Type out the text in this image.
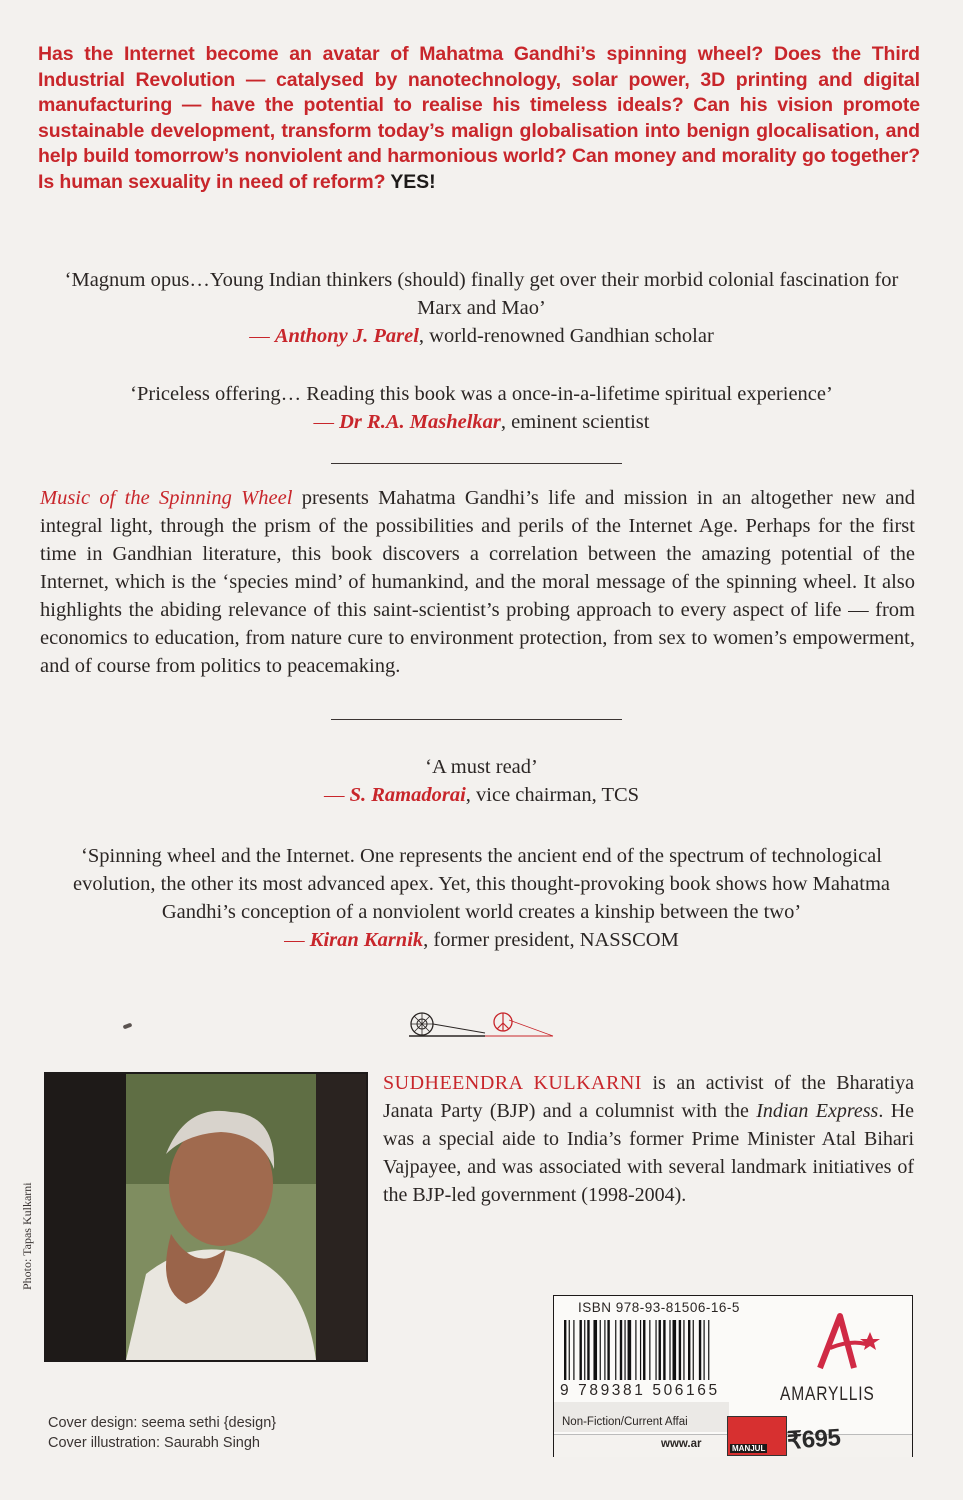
Has the Internet become an avatar of Mahatma Gandhi’s spinning wheel? Does the Third Industrial Revolution — catalysed by nanotechnology, solar power, 3D printing and digital manufacturing — have the potential to realise his timeless ideals? Can his vision promote sustainable development, transform today’s malign globalisation into benign glocalisation, and help build tomorrow’s nonviolent and harmonious world? Can money and morality go together? Is human sexuality in need of reform? YES!
‘Magnum opus…Young Indian thinkers (should) finally get over their morbid colonial fascination for Marx and Mao’
— Anthony J. Parel, world-renowned Gandhian scholar
‘Priceless offering… Reading this book was a once-in-a-lifetime spiritual experience’
— Dr R.A. Mashelkar, eminent scientist
Music of the Spinning Wheel presents Mahatma Gandhi’s life and mission in an altogether new and integral light, through the prism of the possibilities and perils of the Internet Age. Perhaps for the first time in Gandhian literature, this book discovers a correlation between the amazing potential of the Internet, which is the ‘species mind’ of humankind, and the moral message of the spinning wheel. It also highlights the abiding relevance of this saint-scientist’s probing approach to every aspect of life — from economics to education, from nature cure to environment protection, from sex to women’s empowerment, and of course from politics to peacemaking.
‘A must read’
— S. Ramadorai, vice chairman, TCS
‘Spinning wheel and the Internet. One represents the ancient end of the spectrum of technological evolution, the other its most advanced apex. Yet, this thought-provoking book shows how Mahatma Gandhi’s conception of a nonviolent world creates a kinship between the two’
— Kiran Karnik, former president, NASSCOM
Photo: Tapas Kulkarni
SUDHEENDRA KULKARNI is an activist of the Bharatiya Janata Party (BJP) and a columnist with the Indian Express. He was a special aide to India’s former Prime Minister Atal Bihari Vajpayee, and was associated with several landmark initiatives of the BJP-led government (1998-2004).
Cover design: seema sethi {design}
Cover illustration: Saurabh Singh
ISBN 978-93-81506-16-5
9 789381 506165	AMARYLLIS
Non-Fiction/Current Affai
www.ar	MANJUL ₹695
